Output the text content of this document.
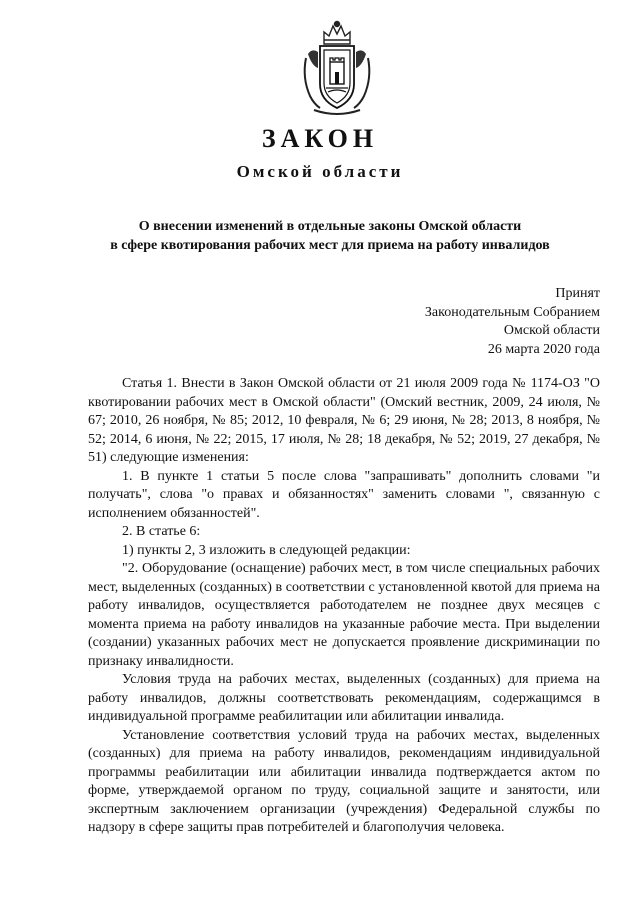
ЗАКОН
Омской области
О внесении изменений в отдельные законы Омской области
в сфере квотирования рабочих мест для приема на работу инвалидов
Принят
Законодательным Собранием
Омской области
26 марта 2020 года

Статья 1. Внести в Закон Омской области от 21 июля 2009 года № 1174-ОЗ "О квотировании рабочих мест в Омской области" (Омский вестник, 2009, 24 июля, № 67; 2010, 26 ноября, № 85; 2012, 10 февраля, № 6; 29 июня, № 28; 2013, 8 ноября, № 52; 2014, 6 июня, № 22; 2015, 17 июля, № 28; 18 декабря, № 52; 2019, 27 декабря, № 51) следующие изменения:

1. В пункте 1 статьи 5 после слова "запрашивать" дополнить словами "и получать", слова "о правах и обязанностях" заменить словами ", связанную с исполнением обязанностей".

2. В статье 6:

1) пункты 2, 3 изложить в следующей редакции:

"2. Оборудование (оснащение) рабочих мест, в том числе специальных рабочих мест, выделенных (созданных) в соответствии с установленной квотой для приема на работу инвалидов, осуществляется работодателем не позднее двух месяцев с момента приема на работу инвалидов на указанные рабочие места. При выделении (создании) указанных рабочих мест не допускается проявление дискриминации по признаку инвалидности.

Условия труда на рабочих местах, выделенных (созданных) для приема на работу инвалидов, должны соответствовать рекомендациям, содержащимся в индивидуальной программе реабилитации или абилитации инвалида.

Установление соответствия условий труда на рабочих местах, выделенных (созданных) для приема на работу инвалидов, рекомендациям индивидуальной программы реабилитации или абилитации инвалида подтверждается актом по форме, утверждаемой органом по труду, социальной защите и занятости, или экспертным заключением организации (учреждения) Федеральной службы по надзору в сфере защиты прав потребителей и благополучия человека.
